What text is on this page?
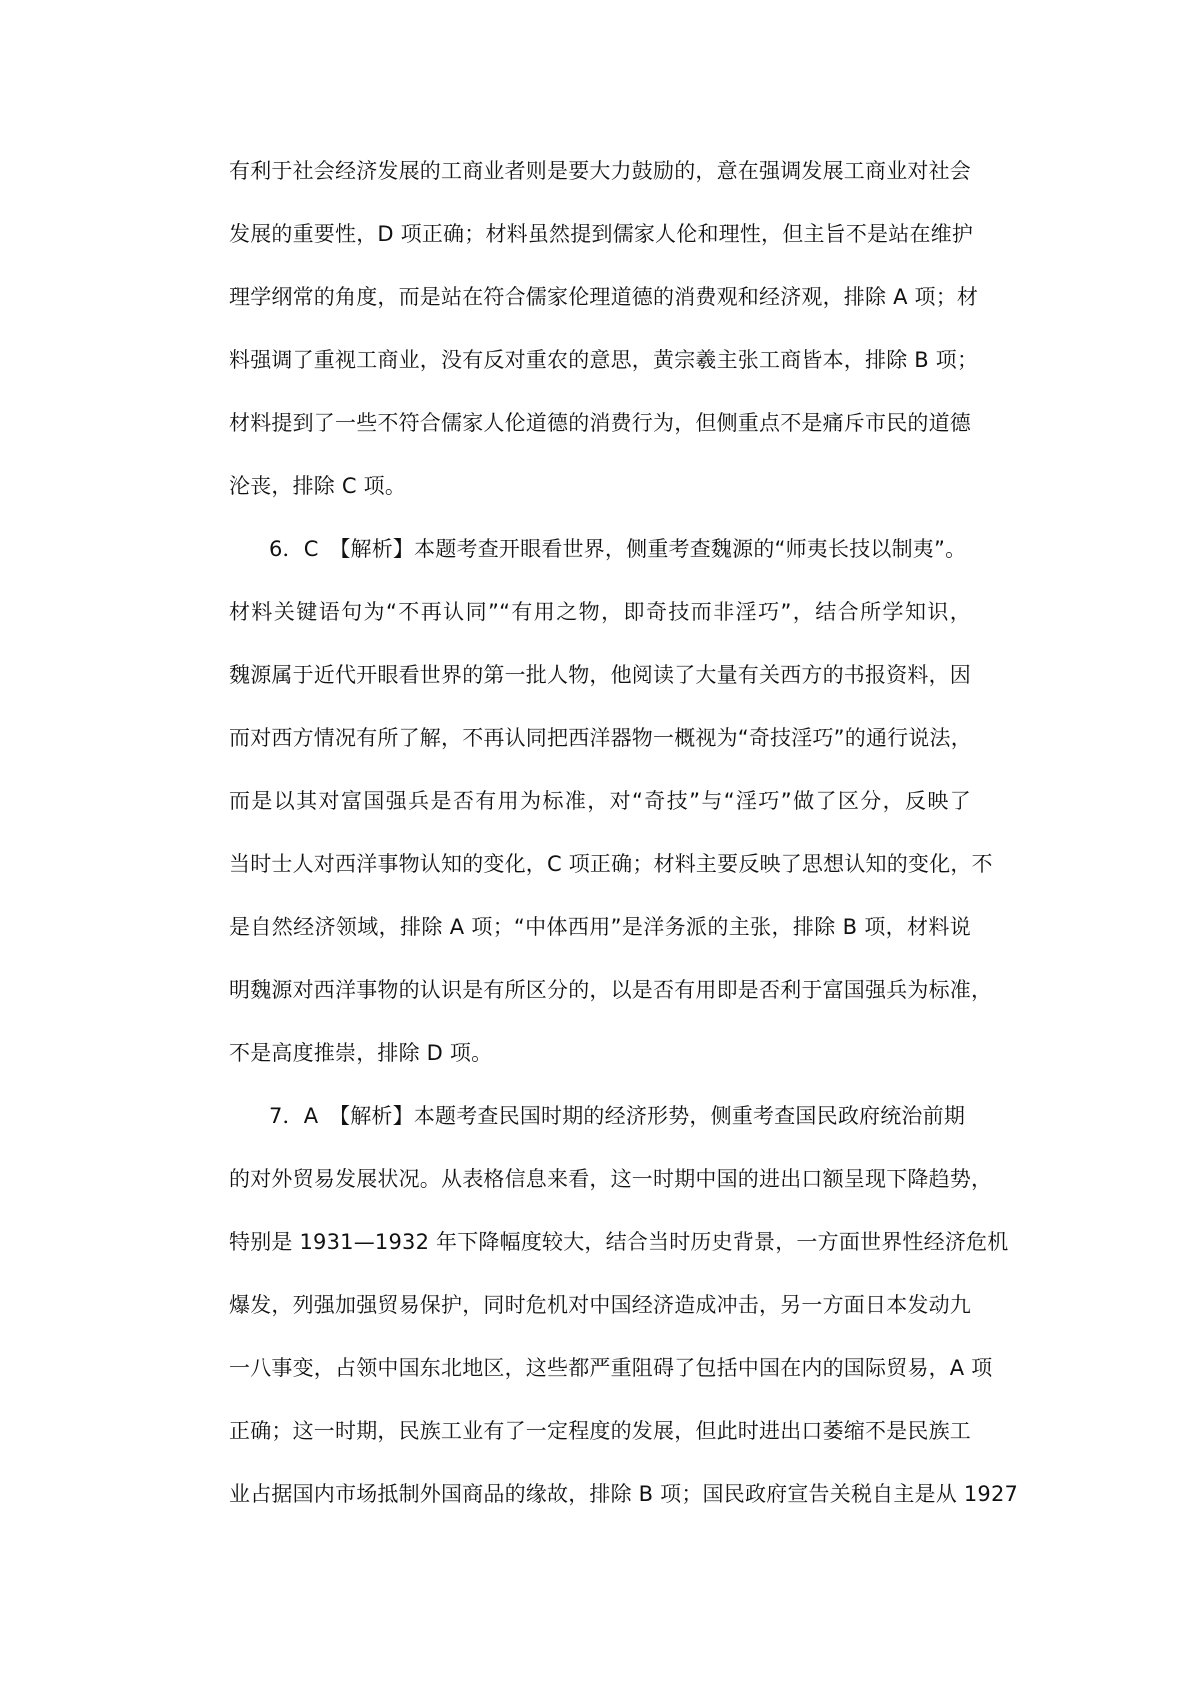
有利于社会经济发展的工商业者则是要大力鼓励的，意在强调发展工商业对社会
发展的重要性，D 项正确；材料虽然提到儒家人伦和理性，但主旨不是站在维护
理学纲常的角度，而是站在符合儒家伦理道德的消费观和经济观，排除 A 项；材
料强调了重视工商业，没有反对重农的意思，黄宗羲主张工商皆本，排除 B 项；
材料提到了一些不符合儒家人伦道德的消费行为，但侧重点不是痛斥市民的道德
沦丧，排除 C 项。
6．C　【解析】本题考查开眼看世界，侧重考查魏源的“师夷长技以制夷”。
材料关键语句为“不再认同”“有用之物，即奇技而非淫巧”，结合所学知识，
魏源属于近代开眼看世界的第一批人物，他阅读了大量有关西方的书报资料，因
而对西方情况有所了解，不再认同把西洋器物一概视为“奇技淫巧”的通行说法，
而是以其对富国强兵是否有用为标准，对“奇技”与“淫巧”做了区分，反映了
当时士人对西洋事物认知的变化，C 项正确；材料主要反映了思想认知的变化，不
是自然经济领域，排除 A 项；“中体西用”是洋务派的主张，排除 B 项，材料说
明魏源对西洋事物的认识是有所区分的，以是否有用即是否利于富国强兵为标准，
不是高度推崇，排除 D 项。
7．A　【解析】本题考查民国时期的经济形势，侧重考查国民政府统治前期
的对外贸易发展状况。从表格信息来看，这一时期中国的进出口额呈现下降趋势，
特别是 1931—1932 年下降幅度较大，结合当时历史背景，一方面世界性经济危机
爆发，列强加强贸易保护，同时危机对中国经济造成冲击，另一方面日本发动九
一八事变，占领中国东北地区，这些都严重阻碍了包括中国在内的国际贸易，A 项
正确；这一时期，民族工业有了一定程度的发展，但此时进出口萎缩不是民族工
业占据国内市场抵制外国商品的缘故，排除 B 项；国民政府宣告关税自主是从 1927
